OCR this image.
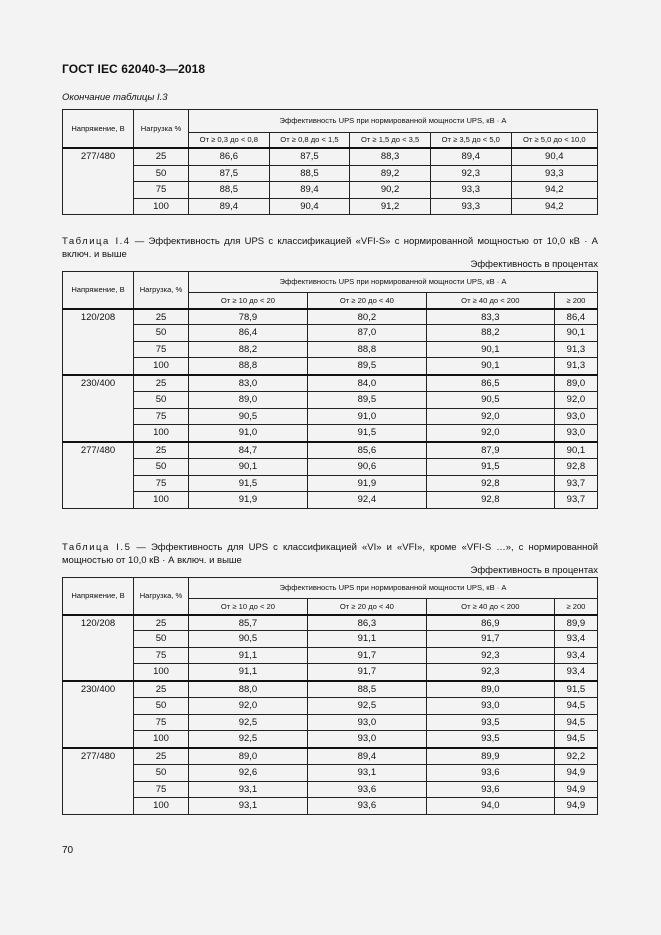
ГОСТ IEC 62040-3—2018
Окончание таблицы I.3
Напряжение, В	Нагрузка %	Эффективность UPS при нормированной мощности UPS, кВ · А				
		От ≥ 0,3 до < 0,8	От ≥ 0,8 до < 1,5	От ≥ 1,5 до < 3,5	От ≥ 3,5 до < 5,0	От ≥ 5,0 до < 10,0
277/480	25	86,6	87,5	88,3	89,4	90,4
	50	87,5	88,5	89,2	92,3	93,3
	75	88,5	89,4	90,2	93,3	94,2
	100	89,4	90,4	91,2	93,3	94,2
Таблица I.4 — Эффективность для UPS с классификацией «VFI-S» с нормированной мощностью от 10,0 кВ · А включ. и выше
Эффективность в процентах
Напряжение, В	Нагрузка, %	Эффективность UPS при нормированной мощности UPS, кВ · А			
		От ≥ 10 до < 20	От ≥ 20 до < 40	От ≥ 40 до < 200	≥ 200
120/208	25	78,9	80,2	83,3	86,4
	50	86,4	87,0	88,2	90,1
	75	88,2	88,8	90,1	91,3
	100	88,8	89,5	90,1	91,3
230/400	25	83,0	84,0	86,5	89,0
	50	89,0	89,5	90,5	92,0
	75	90,5	91,0	92,0	93,0
	100	91,0	91,5	92,0	93,0
277/480	25	84,7	85,6	87,9	90,1
	50	90,1	90,6	91,5	92,8
	75	91,5	91,9	92,8	93,7
	100	91,9	92,4	92,8	93,7
Таблица I.5 — Эффективность для UPS с классификацией «VI» и «VFI», кроме «VFI-S …», с нормированной мощностью от 10,0 кВ · А включ. и выше
Эффективность в процентах
Напряжение, В	Нагрузка, %	Эффективность UPS при нормированной мощности UPS, кВ · А			
		От ≥ 10 до < 20	От ≥ 20 до < 40	От ≥ 40 до < 200	≥ 200
120/208	25	85,7	86,3	86,9	89,9
	50	90,5	91,1	91,7	93,4
	75	91,1	91,7	92,3	93,4
	100	91,1	91,7	92,3	93,4
230/400	25	88,0	88,5	89,0	91,5
	50	92,0	92,5	93,0	94,5
	75	92,5	93,0	93,5	94,5
	100	92,5	93,0	93,5	94,5
277/480	25	89,0	89,4	89,9	92,2
	50	92,6	93,1	93,6	94,9
	75	93,1	93,6	93,6	94,9
	100	93,1	93,6	94,0	94,9
70
